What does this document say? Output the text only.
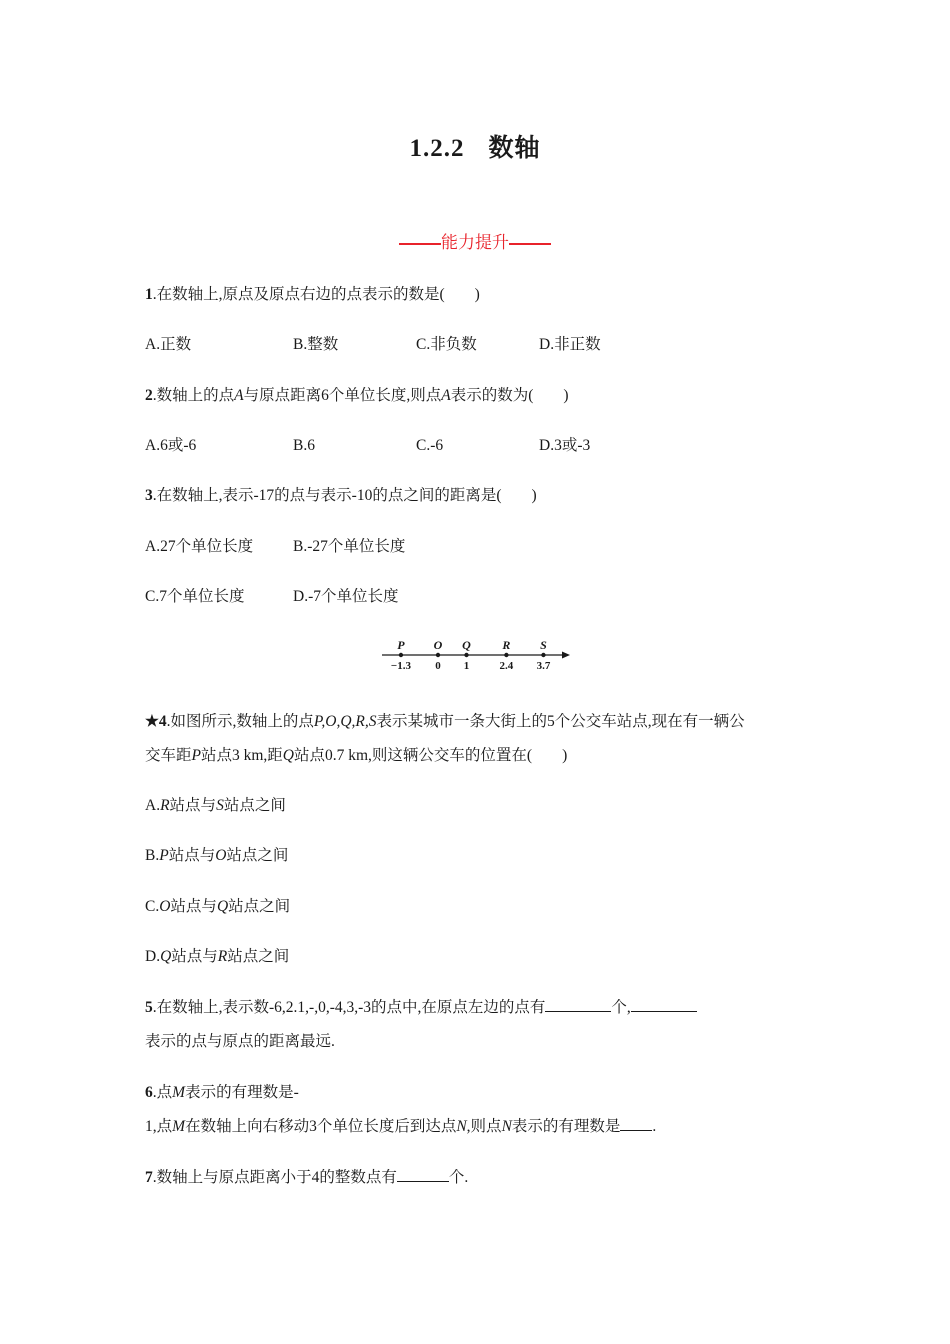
1.2.2 数轴
能力提升
1.在数轴上,原点及原点右边的点表示的数是( )
A.正数	B.整数	C.非负数	D.非正数
2.数轴上的点A与原点距离6个单位长度,则点A表示的数为( )
A.6或-6	B.6	C.-6	D.3或-3
3.在数轴上,表示-17的点与表示-10的点之间的距离是( )
A.27个单位长度	B.-27个单位长度
C.7个单位长度	D.-7个单位长度
P
−1.3
O
0
Q
1
R
2.4
S
3.7
★4.如图所示,数轴上的点P,O,Q,R,S表示某城市一条大街上的5个公交车站点,现在有一辆公
交车距P站点3 km,距Q站点0.7 km,则这辆公交车的位置在( )
A.R站点与S站点之间
B.P站点与O站点之间
C.O站点与Q站点之间
D.Q站点与R站点之间
5.在数轴上,表示数-6,2.1,-,0,-4,3,-3的点中,在原点左边的点有	个,
表示的点与原点的距离最远.
6.点M表示的有理数是-
1,点M在数轴上向右移动3个单位长度后到达点N,则点N表示的有理数是 .
7.数轴上与原点距离小于4的整数点有	个.
